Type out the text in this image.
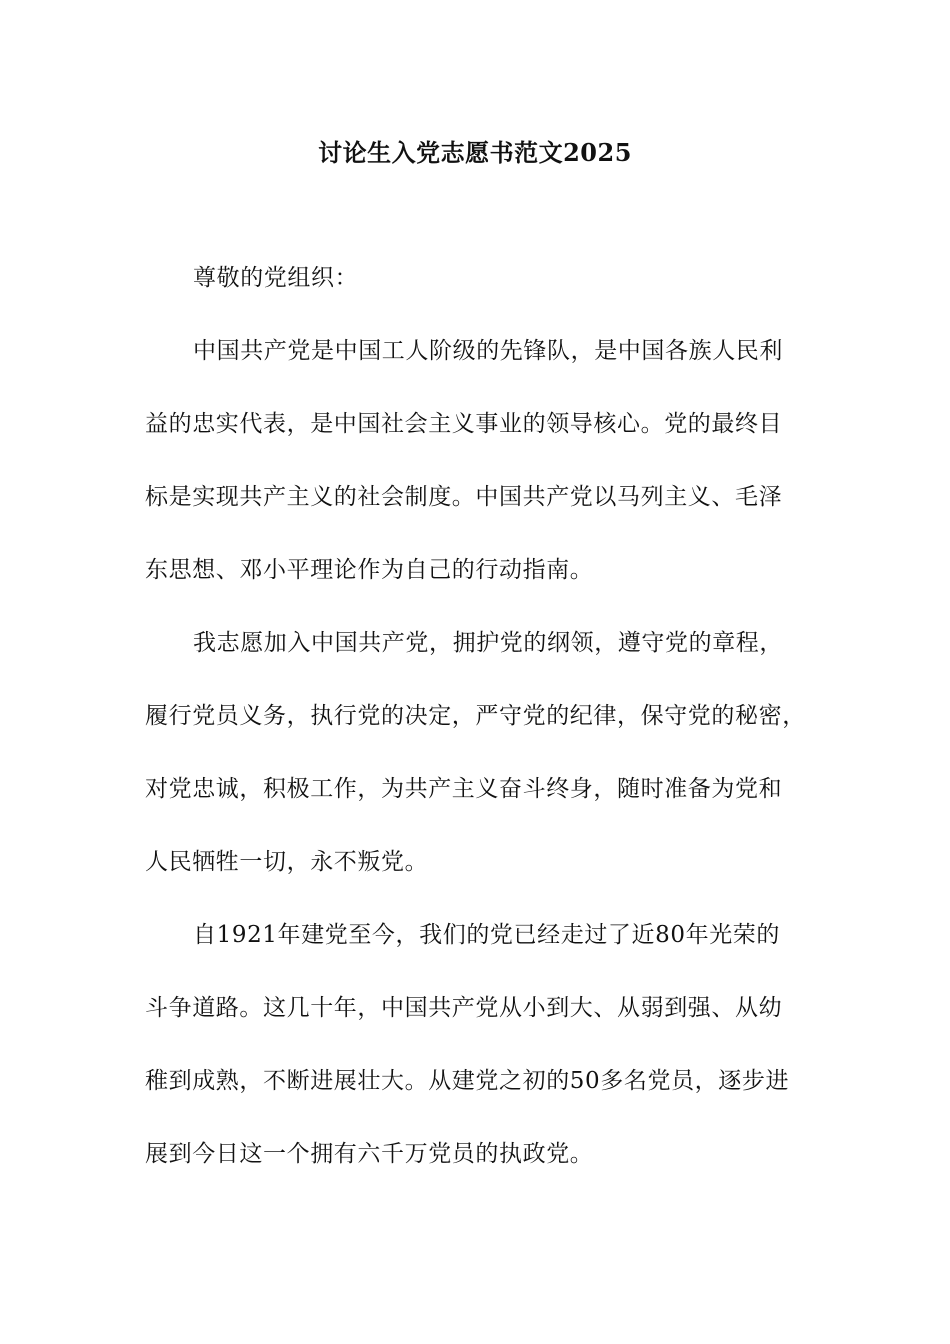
讨论生入党志愿书范文2025
尊敬的党组织：
中国共产党是中国工人阶级的先锋队，是中国各族人民利
益的忠实代表，是中国社会主义事业的领导核心。党的最终目
标是实现共产主义的社会制度。中国共产党以马列主义、毛泽
东思想、邓小平理论作为自己的行动指南。
我志愿加入中国共产党，拥护党的纲领，遵守党的章程，
履行党员义务，执行党的决定，严守党的纪律，保守党的秘密，
对党忠诚，积极工作，为共产主义奋斗终身，随时准备为党和
人民牺牲一切，永不叛党。
自1921年建党至今，我们的党已经走过了近80年光荣的
斗争道路。这几十年，中国共产党从小到大、从弱到强、从幼
稚到成熟，不断进展壮大。从建党之初的50多名党员，逐步进
展到今日这一个拥有六千万党员的执政党。
